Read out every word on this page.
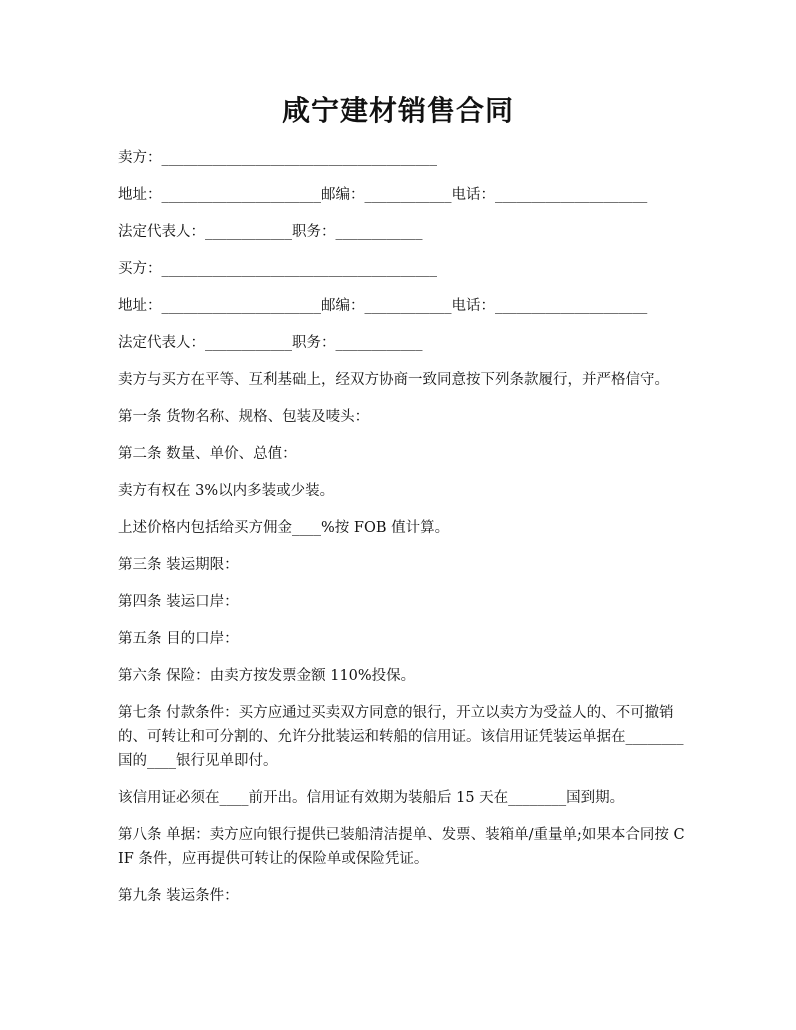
咸宁建材销售合同

卖方：______________________________________

地址：______________________邮编：____________电话：_____________________

法定代表人：____________职务：____________

买方：______________________________________

地址：______________________邮编：____________电话：_____________________

法定代表人：____________职务：____________

卖方与买方在平等、互利基础上，经双方协商一致同意按下列条款履行，并严格信守。

第一条 货物名称、规格、包装及唛头：

第二条 数量、单价、总值：

卖方有权在 3%以内多装或少装。

上述价格内包括给买方佣金____%按 FOB 值计算。

第三条 装运期限：

第四条 装运口岸：

第五条 目的口岸：

第六条 保险：由卖方按发票金额 110%投保。

第七条 付款条件：买方应通过买卖双方同意的银行，开立以卖方为受益人的、不可撤销的、可转让和可分割的、允许分批装运和转船的信用证。该信用证凭装运单据在________国的____银行见单即付。

该信用证必须在____前开出。信用证有效期为装船后 15 天在________国到期。

第八条 单据：卖方应向银行提供已装船清洁提单、发票、装箱单/重量单;如果本合同按 CIF 条件，应再提供可转让的保险单或保险凭证。

第九条 装运条件：
